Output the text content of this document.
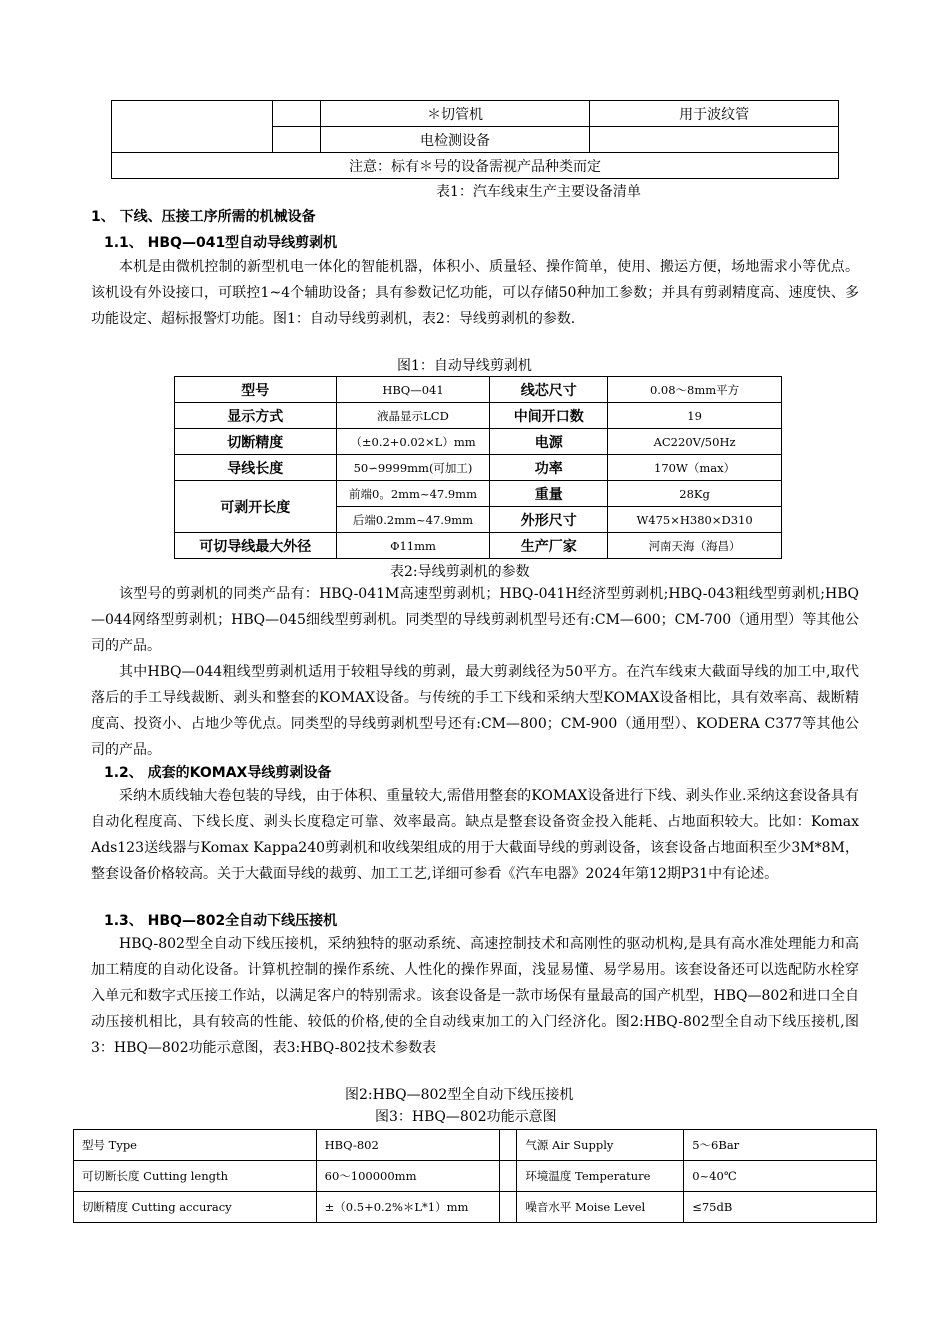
		＊切管机	用于波纹管
		电检测设备	
注意：标有＊号的设备需视产品种类而定			
表1：汽车线束生产主要设备清单
1、 下线、压接工序所需的机械设备
1.1、 HBQ—041型自动导线剪剥机

本机是由微机控制的新型机电一体化的智能机器，体积小、质量轻、操作简单，使用、搬运方便，场地需求小等优点。该机设有外设接口，可联控1~4个辅助设备；具有参数记忆功能，可以存储50种加工参数；并具有剪剥精度高、速度快、多功能设定、超标报警灯功能。图1：自动导线剪剥机，表2：导线剪剥机的参数.

图1：自动导线剪剥机
型号	HBQ—041	线芯尺寸	0.08～8mm平方
显示方式	液晶显示LCD	中间开口数	19
切断精度	（±0.2+0.02×L）mm	电源	AC220V/50Hz
导线长度	50∽9999mm(可加工)	功率	170W（max）
可剥开长度	前端0。2mm~47.9mm	重量	28Kg
	后端0.2mm~47.9mm	外形尺寸	W475×H380×D310
可切导线最大外径	Φ11mm	生产厂家	河南天海（海昌）
表2:导线剪剥机的参数

该型号的剪剥机的同类产品有：HBQ-041M高速型剪剥机；HBQ-041H经济型剪剥机;HBQ-043粗线型剪剥机;HBQ—044网络型剪剥机；HBQ—045细线型剪剥机。同类型的导线剪剥机型号还有:CM—600；CM-700（通用型）等其他公司的产品。

其中HBQ—044粗线型剪剥机适用于较粗导线的剪剥，最大剪剥线径为50平方。在汽车线束大截面导线的加工中,取代落后的手工导线裁断、剥头和整套的KOMAX设备。与传统的手工下线和采纳大型KOMAX设备相比，具有效率高、裁断精度高、投资小、占地少等优点。同类型的导线剪剥机型号还有:CM—800；CM-900（通用型）、KODERA C377等其他公司的产品。

1.2、 成套的KOMAX导线剪剥设备

采纳木质线轴大卷包装的导线，由于体积、重量较大,需借用整套的KOMAX设备进行下线、剥头作业.采纳这套设备具有自动化程度高、下线长度、剥头长度稳定可靠、效率最高。缺点是整套设备资金投入能耗、占地面积较大。比如：Komax Ads123送线器与Komax Kappa240剪剥机和收线架组成的用于大截面导线的剪剥设备，该套设备占地面积至少3M*8M，整套设备价格较高。关于大截面导线的裁剪、加工工艺,详细可参看《汽车电器》2024年第12期P31中有论述。

1.3、 HBQ—802全自动下线压接机

HBQ-802型全自动下线压接机，采纳独特的驱动系统、高速控制技术和高刚性的驱动机构,是具有高水准处理能力和高加工精度的自动化设备。计算机控制的操作系统、人性化的操作界面，浅显易懂、易学易用。该套设备还可以选配防水栓穿入单元和数字式压接工作站，以满足客户的特别需求。该套设备是一款市场保有量最高的国产机型，HBQ—802和进口全自动压接机相比，具有较高的性能、较低的价格,使的全自动线束加工的入门经济化。图2:HBQ-802型全自动下线压接机,图3：HBQ—802功能示意图，表3:HBQ-802技术参数表

图2:HBQ—802型全自动下线压接机
图3：HBQ—802功能示意图
型号 Type	HBQ-802		气源 Air Supply	5～6Bar
可切断长度 Cutting length	60～100000mm		环境温度 Temperature	0~40℃
切断精度 Cutting accuracy	±（0.5+0.2%＊L*1）mm		噪音水平 Moise Level	≤75dB
